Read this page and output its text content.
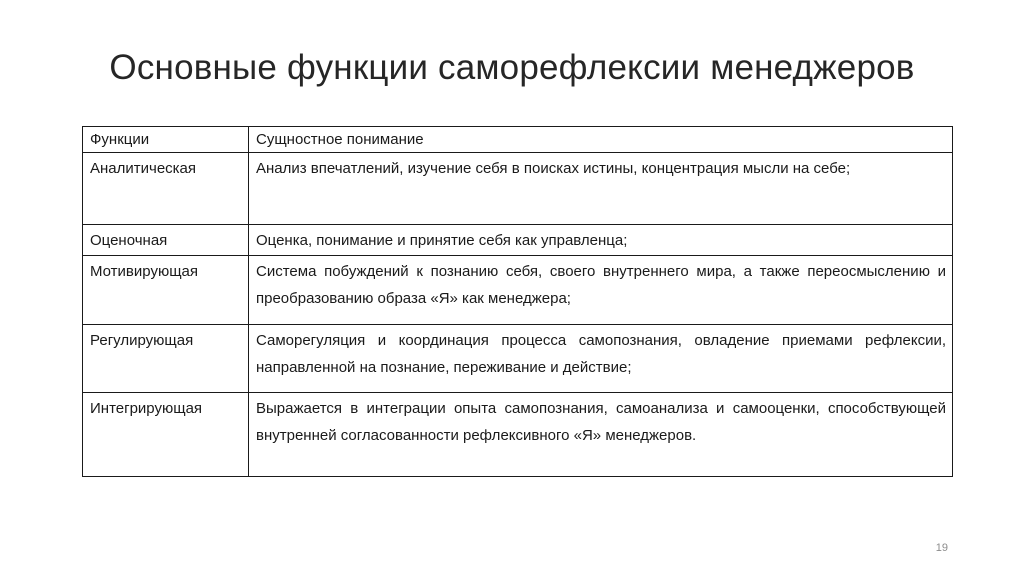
Основные функции саморефлексии менеджеров
Функции	Сущностное понимание
Аналитическая	Анализ впечатлений, изучение себя в поисках истины, концентрация мысли на себе;
Оценочная	Оценка, понимание и принятие себя как управленца;
Мотивирующая	Система побуждений к познанию себя, своего внутреннего мира, а также переосмыслению и преобразованию образа «Я» как менеджера;
Регулирующая	Саморегуляция и координация процесса самопознания, овладение приемами рефлексии, направленной на познание, переживание и действие;
Интегрирующая	Выражается в интеграции опыта самопознания, самоанализа и самооценки, способствующей внутренней согласованности рефлексивного «Я» менеджеров.
19
